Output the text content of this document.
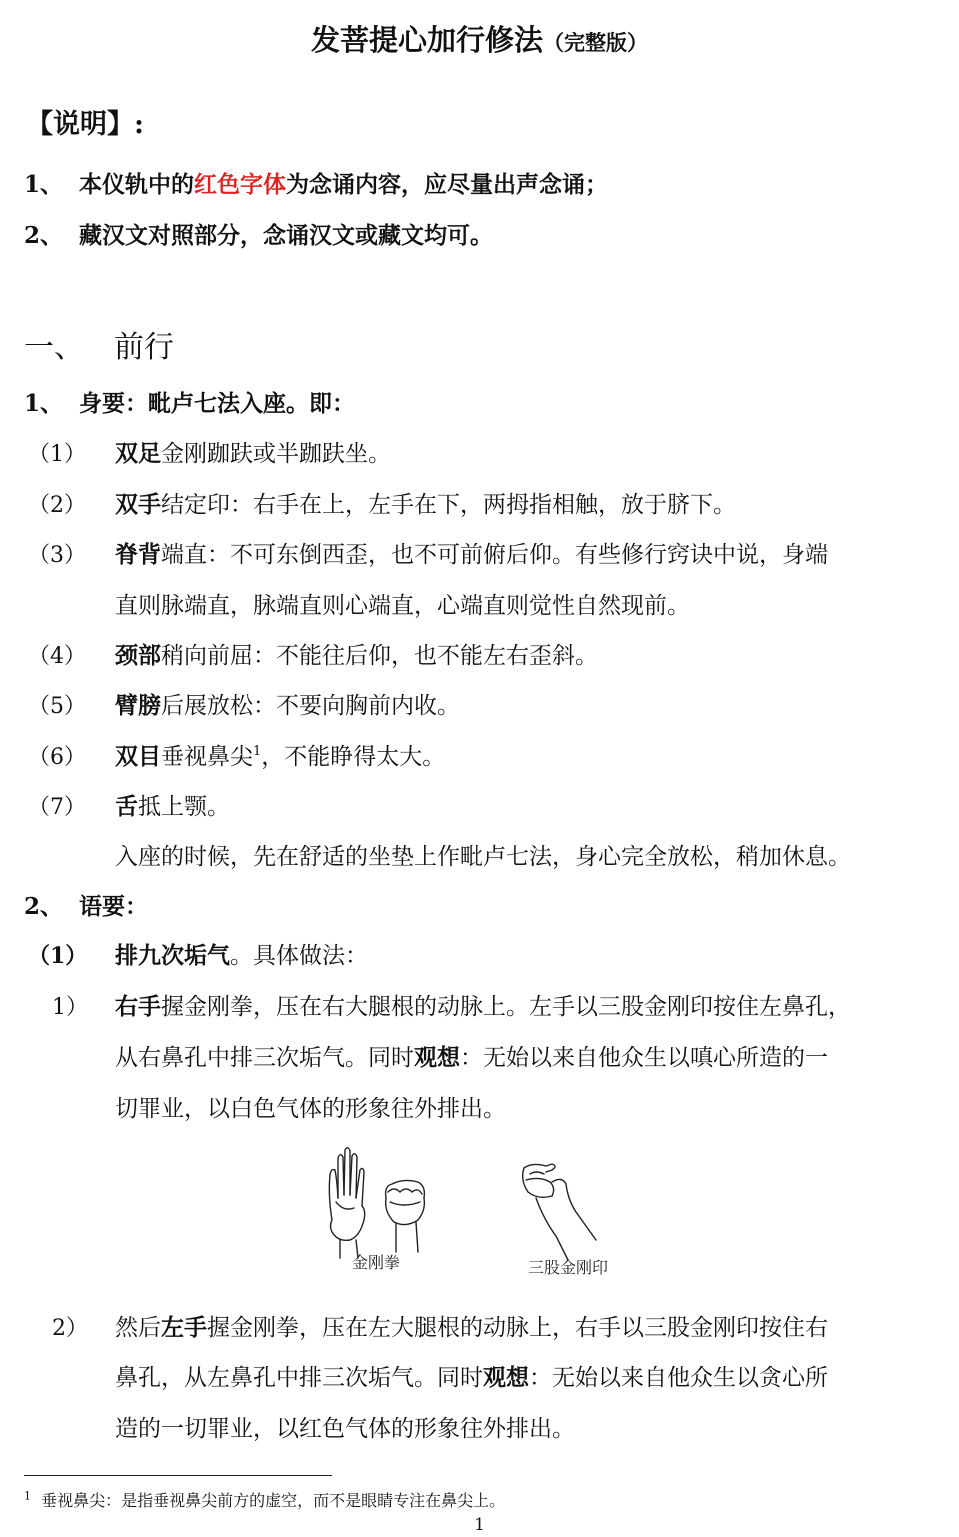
发菩提心加行修法（完整版）
【说明】:
1、 本仪轨中的红色字体为念诵内容，应尽量出声念诵；
2、 藏汉文对照部分，念诵汉文或藏文均可。
一、 前行
1、 身要：毗卢七法入座。即：
（1） 双足金刚跏趺或半跏趺坐。
（2） 双手结定印：右手在上，左手在下，两拇指相触，放于脐下。
（3） 脊背端直：不可东倒西歪，也不可前俯后仰。有些修行窍诀中说，身端
直则脉端直，脉端直则心端直，心端直则觉性自然现前。
（4） 颈部稍向前屈：不能往后仰，也不能左右歪斜。
（5） 臂膀后展放松：不要向胸前内收。
（6） 双目垂视鼻尖$^1$，不能睁得太大。
（7） 舌抵上颚。
入座的时候，先在舒适的坐垫上作毗卢七法，身心完全放松，稍加休息。
2、 语要：
（1） 排九次垢气。具体做法：
1） 右手握金刚拳，压在右大腿根的动脉上。左手以三股金刚印按住左鼻孔，
从右鼻孔中排三次垢气。同时观想：无始以来自他众生以嗔心所造的一
切罪业，以白色气体的形象往外排出。
金刚拳	三股金刚印
2） 然后左手握金刚拳，压在左大腿根的动脉上，右手以三股金刚印按住右
鼻孔，从左鼻孔中排三次垢气。同时观想：无始以来自他众生以贪心所
造的一切罪业，以红色气体的形象往外排出。
$^1$ 垂视鼻尖：是指垂视鼻尖前方的虚空，而不是眼睛专注在鼻尖上。
1
